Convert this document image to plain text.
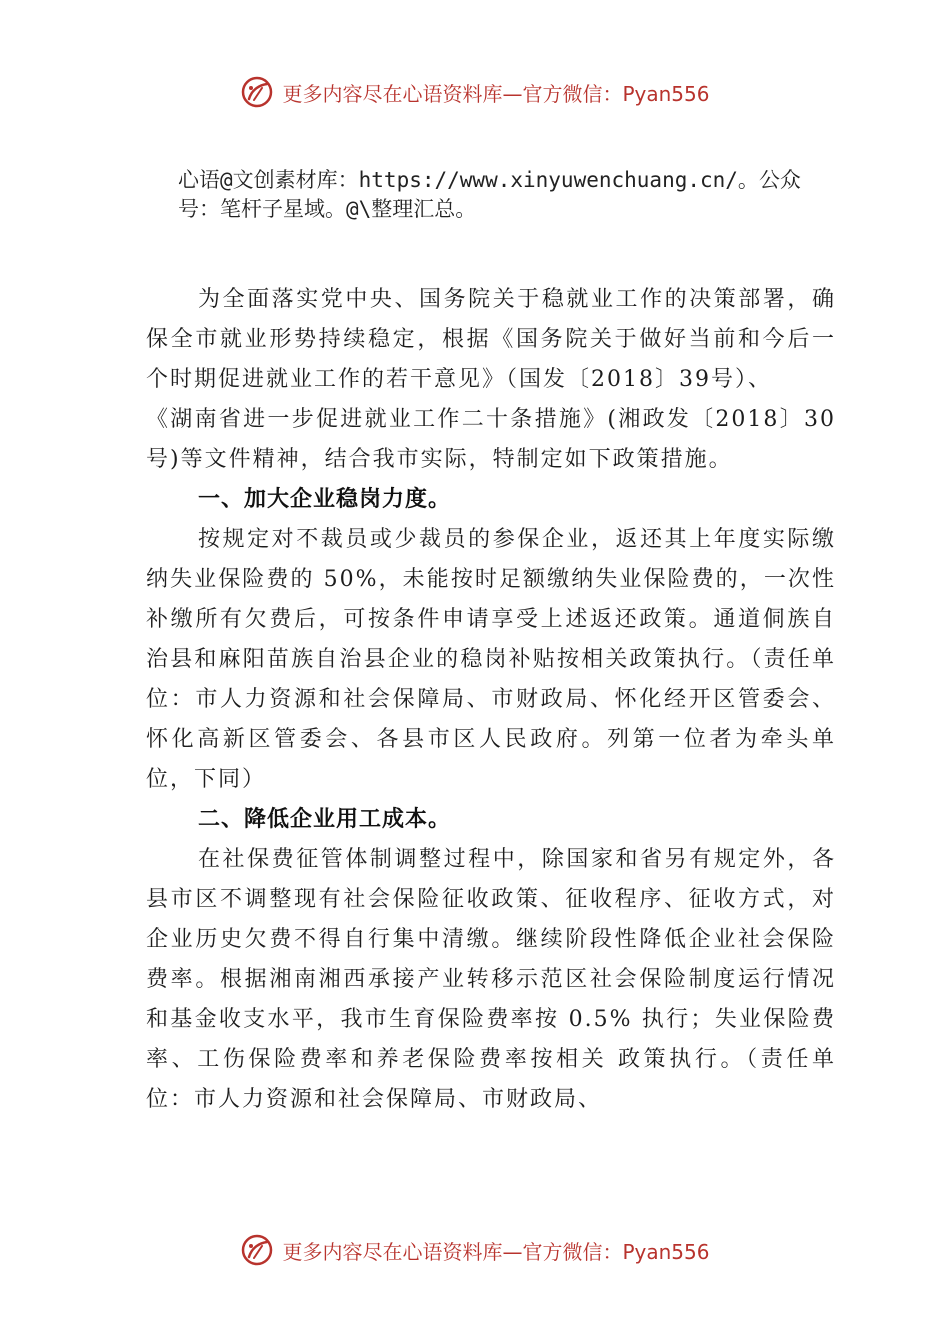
更多内容尽在心语资料库—官方微信：Pyan556
心语@文创素材库：https://www.xinyuwenchuang.cn/。公众号：笔杆子星域。@\整理汇总。

为全面落实党中央、国务院关于稳就业工作的决策部署，确保全市就业形势持续稳定，根据《国务院关于做好当前和今后一个时期促进就业工作的若干意见》（国发〔2018〕39号）、

《湖南省进一步促进就业工作二十条措施》(湘政发〔2018〕30号)等文件精神，结合我市实际，特制定如下政策措施。

一、加大企业稳岗力度。

按规定对不裁员或少裁员的参保企业，返还其上年度实际缴纳失业保险费的 50%，未能按时足额缴纳失业保险费的，一次性补缴所有欠费后，可按条件申请享受上述返还政策。通道侗族自治县和麻阳苗族自治县企业的稳岗补贴按相关政策执行。（责任单位：市人力资源和社会保障局、市财政局、怀化经开区管委会、怀化高新区管委会、各县市区人民政府。列第一位者为牵头单位，下同）

二、降低企业用工成本。

在社保费征管体制调整过程中，除国家和省另有规定外，各县市区不调整现有社会保险征收政策、征收程序、征收方式，对企业历史欠费不得自行集中清缴。继续阶段性降低企业社会保险费率。根据湘南湘西承接产业转移示范区社会保险制度运行情况和基金收支水平，我市生育保险费率按 0.5% 执行；失业保险费率、工伤保险费率和养老保险费率按相关 政策执行。（责任单位：市人力资源和社会保障局、市财政局、

更多内容尽在心语资料库—官方微信：Pyan556
